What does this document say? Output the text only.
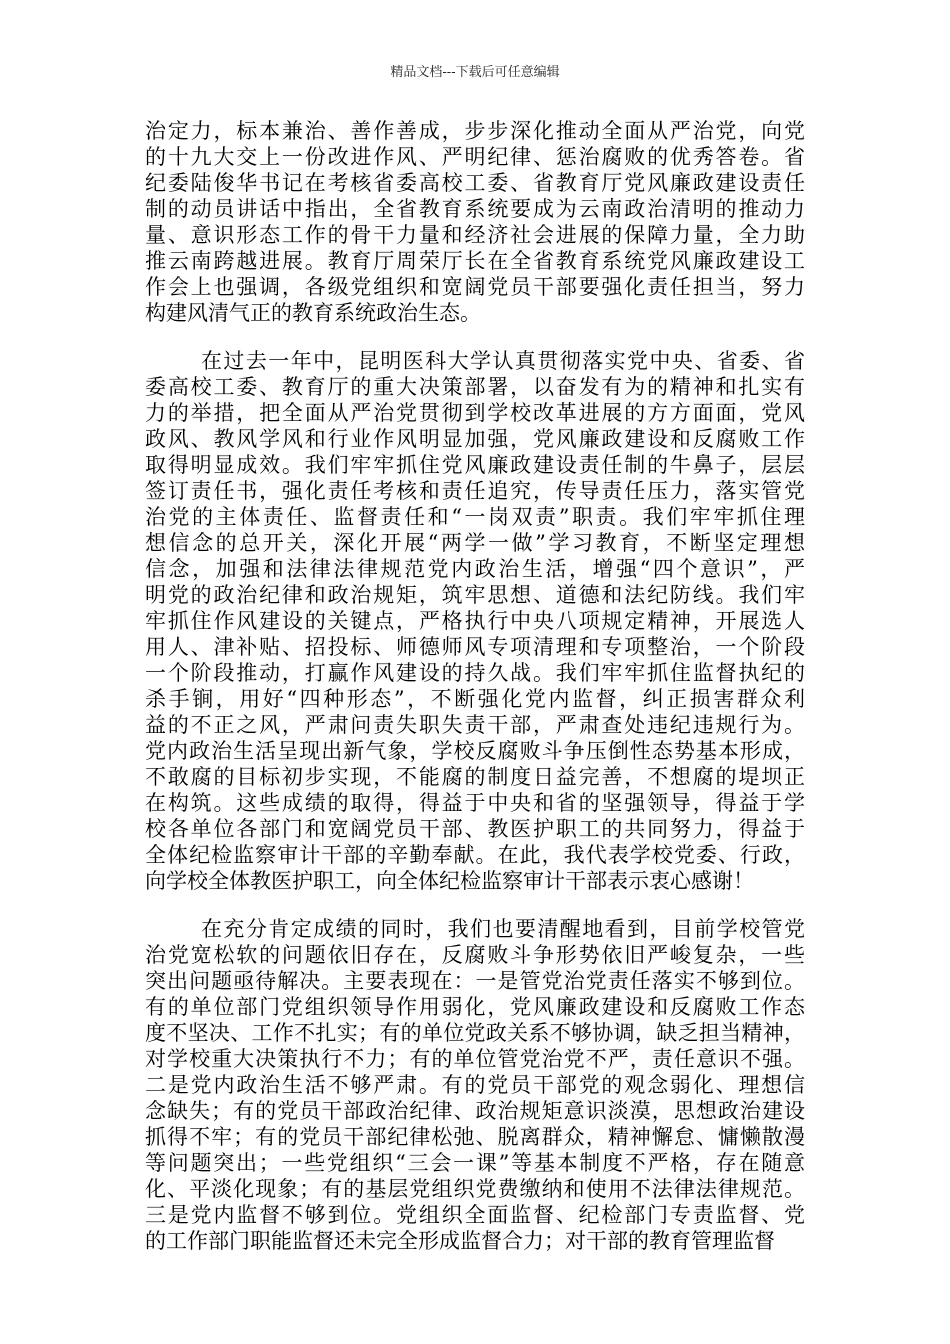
精品文档---下载后可任意编辑
治定力，标本兼治、善作善成，步步深化推动全面从严治党，向党
的十九大交上一份改进作风、严明纪律、惩治腐败的优秀答卷。省
纪委陆俊华书记在考核省委高校工委、省教育厅党风廉政建设责任
制的动员讲话中指出，全省教育系统要成为云南政治清明的推动力
量、意识形态工作的骨干力量和经济社会进展的保障力量，全力助
推云南跨越进展。教育厅周荣厅长在全省教育系统党风廉政建设工
作会上也强调，各级党组织和宽阔党员干部要强化责任担当，努力
构建风清气正的教育系统政治生态。
在过去一年中，昆明医科大学认真贯彻落实党中央、省委、省
委高校工委、教育厅的重大决策部署，以奋发有为的精神和扎实有
力的举措，把全面从严治党贯彻到学校改革进展的方方面面，党风
政风、教风学风和行业作风明显加强，党风廉政建设和反腐败工作
取得明显成效。我们牢牢抓住党风廉政建设责任制的牛鼻子，层层
签订责任书，强化责任考核和责任追究，传导责任压力，落实管党
治党的主体责任、监督责任和“一岗双责”职责。我们牢牢抓住理
想信念的总开关，深化开展“两学一做”学习教育，不断坚定理想
信念，加强和法律法律规范党内政治生活，增强“四个意识”，严
明党的政治纪律和政治规矩，筑牢思想、道德和法纪防线。我们牢
牢抓住作风建设的关键点，严格执行中央八项规定精神，开展选人
用人、津补贴、招投标、师德师风专项清理和专项整治，一个阶段
一个阶段推动，打赢作风建设的持久战。我们牢牢抓住监督执纪的
杀手锏，用好“四种形态”，不断强化党内监督，纠正损害群众利
益的不正之风，严肃问责失职失责干部，严肃查处违纪违规行为。
党内政治生活呈现出新气象，学校反腐败斗争压倒性态势基本形成，
不敢腐的目标初步实现，不能腐的制度日益完善，不想腐的堤坝正
在构筑。这些成绩的取得，得益于中央和省的坚强领导，得益于学
校各单位各部门和宽阔党员干部、教医护职工的共同努力，得益于
全体纪检监察审计干部的辛勤奉献。在此，我代表学校党委、行政，
向学校全体教医护职工，向全体纪检监察审计干部表示衷心感谢！
在充分肯定成绩的同时，我们也要清醒地看到，目前学校管党
治党宽松软的问题依旧存在，反腐败斗争形势依旧严峻复杂，一些
突出问题亟待解决。主要表现在：一是管党治党责任落实不够到位。
有的单位部门党组织领导作用弱化，党风廉政建设和反腐败工作态
度不坚决、工作不扎实；有的单位党政关系不够协调，缺乏担当精神，
对学校重大决策执行不力；有的单位管党治党不严，责任意识不强。
二是党内政治生活不够严肃。有的党员干部党的观念弱化、理想信
念缺失；有的党员干部政治纪律、政治规矩意识淡漠，思想政治建设
抓得不牢；有的党员干部纪律松弛、脱离群众，精神懈怠、慵懒散漫
等问题突出；一些党组织“三会一课”等基本制度不严格，存在随意
化、平淡化现象；有的基层党组织党费缴纳和使用不法律法律规范。
三是党内监督不够到位。党组织全面监督、纪检部门专责监督、党
的工作部门职能监督还未完全形成监督合力；对干部的教育管理监督
